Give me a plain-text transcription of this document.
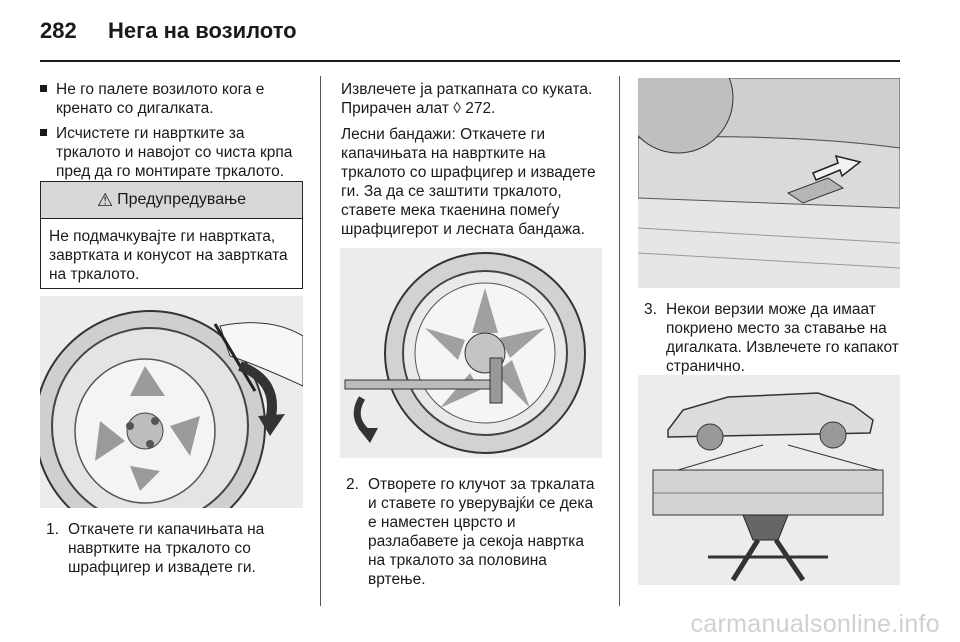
282 Нега на возилото
Не го палете возилото кога е кренато со дигалката.
Исчистете ги навртките за тркалото и навојот со чиста крпа пред да го монтирате тркалото.
⚠ Предупредување
Не подмачкувајте ги навртката, завртката и конусот на завртката на тркалото.
1. Откачете ги капачињата на навртките на тркалото со шрафцигер и извадете ги.

Извлечете ја раткапната со куката. Прирачен алат ◊ 272.

Лесни бандажи: Откачете ги капачињата на навртките на тркалото со шрафцигер и извадете ги. За да се заштити тркалото, ставете мека ткаенина помеѓу шрафцигерот и лесната бандажа.

2. Отворете го клучот за тркалата и ставете го уверувајќи се дека е наместен цврсто и разлабавете ја секоја навртка на тркалото за половина вртење.
3. Некои верзии може да имаат покриено место за ставање на дигалката. Извлечете го капакот странично.
carmanualsonline.info
